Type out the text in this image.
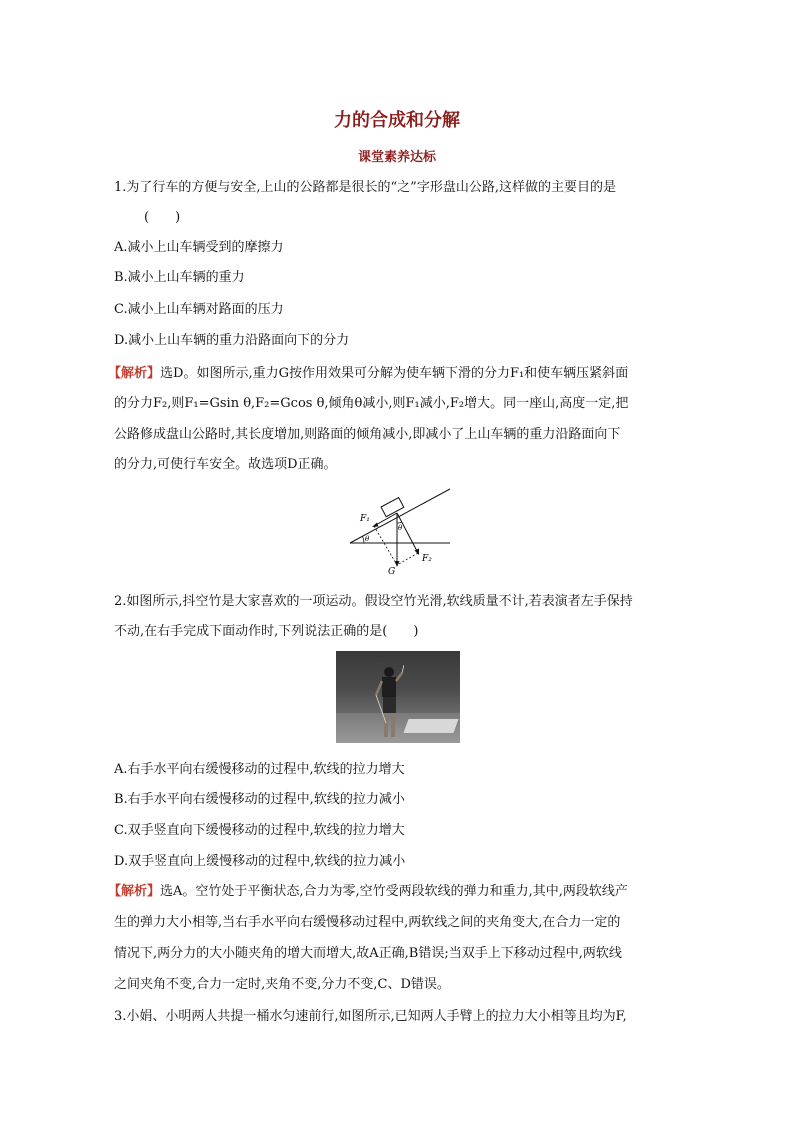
力的合成和分解
课堂素养达标
1.为了行车的方便与安全,上山的公路都是很长的“之”字形盘山公路,这样做的主要目的是
(　　)
A.减小上山车辆受到的摩擦力
B.减小上山车辆的重力
C.减小上山车辆对路面的压力
D.减小上山车辆的重力沿路面向下的分力
【解析】选D。如图所示,重力G按作用效果可分解为使车辆下滑的分力F₁和使车辆压紧斜面
的分力F₂,则F₁=Gsin θ,F₂=Gcos θ,倾角θ减小,则F₁减小,F₂增大。同一座山,高度一定,把
公路修成盘山公路时,其长度增加,则路面的倾角减小,即减小了上山车辆的重力沿路面向下
的分力,可使行车安全。故选项D正确。
F₁
F₂
G
θ
θ
2.如图所示,抖空竹是大家喜欢的一项运动。假设空竹光滑,软线质量不计,若表演者左手保持
不动,在右手完成下面动作时,下列说法正确的是(　　)
A.右手水平向右缓慢移动的过程中,软线的拉力增大
B.右手水平向右缓慢移动的过程中,软线的拉力减小
C.双手竖直向下缓慢移动的过程中,软线的拉力增大
D.双手竖直向上缓慢移动的过程中,软线的拉力减小
【解析】选A。空竹处于平衡状态,合力为零,空竹受两段软线的弹力和重力,其中,两段软线产
生的弹力大小相等,当右手水平向右缓慢移动过程中,两软线之间的夹角变大,在合力一定的
情况下,两分力的大小随夹角的增大而增大,故A正确,B错误;当双手上下移动过程中,两软线
之间夹角不变,合力一定时,夹角不变,分力不变,C、D错误。
3.小娟、小明两人共提一桶水匀速前行,如图所示,已知两人手臂上的拉力大小相等且均为F,
